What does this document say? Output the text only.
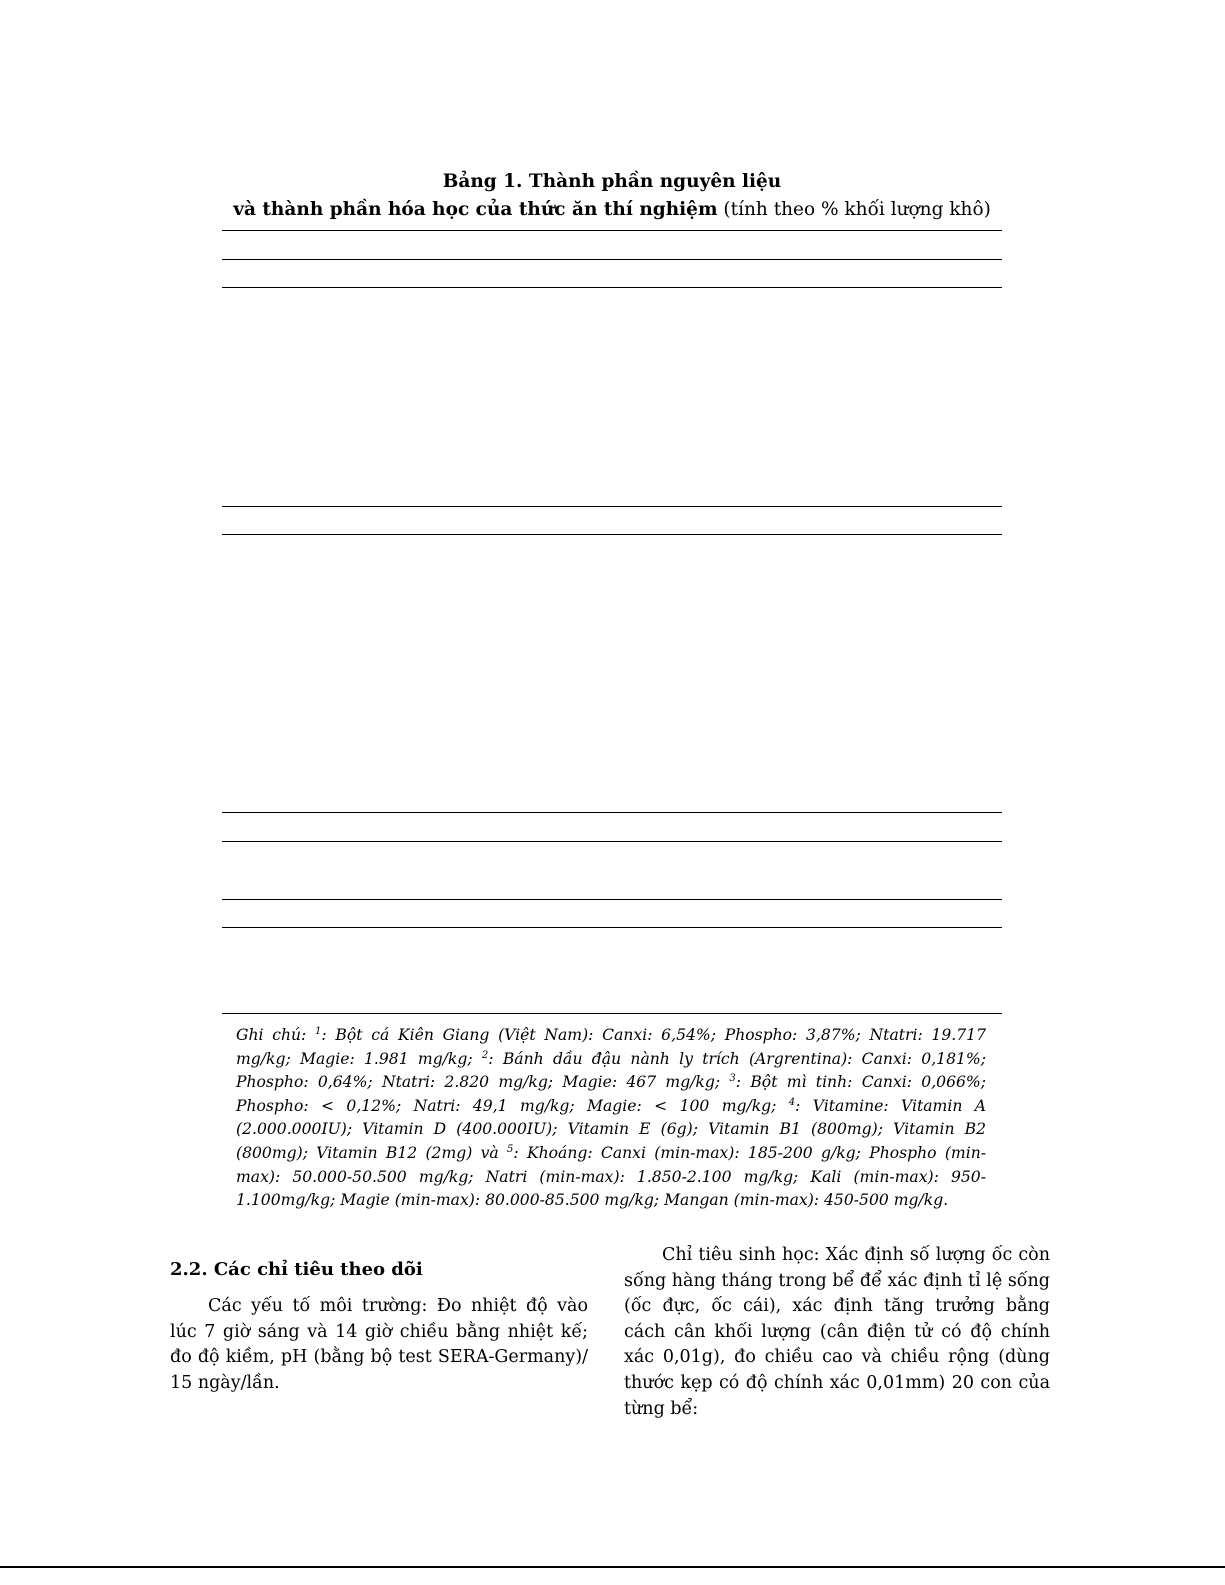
Bảng 1. Thành phần nguyên liệu
và thành phần hóa học của thức ăn thí nghiệm (tính theo % khối lượng khô)
Ghi chú: $^1$: Bột cá Kiên Giang (Việt Nam): Canxi: 6,54%; Phospho: 3,87%; Ntatri: 19.717 mg/kg; Magie: 1.981 mg/kg; $^2$: Bánh dầu đậu nành ly trích (Argrentina): Canxi: 0,181%; Phospho: 0,64%; Ntatri: 2.820 mg/kg; Magie: 467 mg/kg; $^3$: Bột mì tinh: Canxi: 0,066%; Phospho: < 0,12%; Natri: 49,1 mg/kg; Magie: < 100 mg/kg; $^4$: Vitamine: Vitamin A (2.000.000IU); Vitamin D (400.000IU); Vitamin E (6g); Vitamin B1 (800mg); Vitamin B2 (800mg); Vitamin B12 (2mg) và $^5$: Khoáng: Canxi (min-max): 185-200 g/kg; Phospho (min-max): 50.000-50.500 mg/kg; Natri (min-max): 1.850-2.100 mg/kg; Kali (min-max): 950-1.100mg/kg; Magie (min-max): 80.000-85.500 mg/kg; Mangan (min-max): 450-500 mg/kg.
2.2. Các chỉ tiêu theo dõi
Các yếu tố môi trường: Đo nhiệt độ vào lúc 7 giờ sáng và 14 giờ chiều bằng nhiệt kế; đo độ kiềm, pH (bằng bộ test SERA-Germany)/ 15 ngày/lần.
Chỉ tiêu sinh học: Xác định số lượng ốc còn sống hàng tháng trong bể để xác định tỉ lệ sống (ốc đực, ốc cái), xác định tăng trưởng bằng cách cân khối lượng (cân điện tử có độ chính xác 0,01g), đo chiều cao và chiều rộng (dùng thước kẹp có độ chính xác 0,01mm) 20 con của từng bể:
